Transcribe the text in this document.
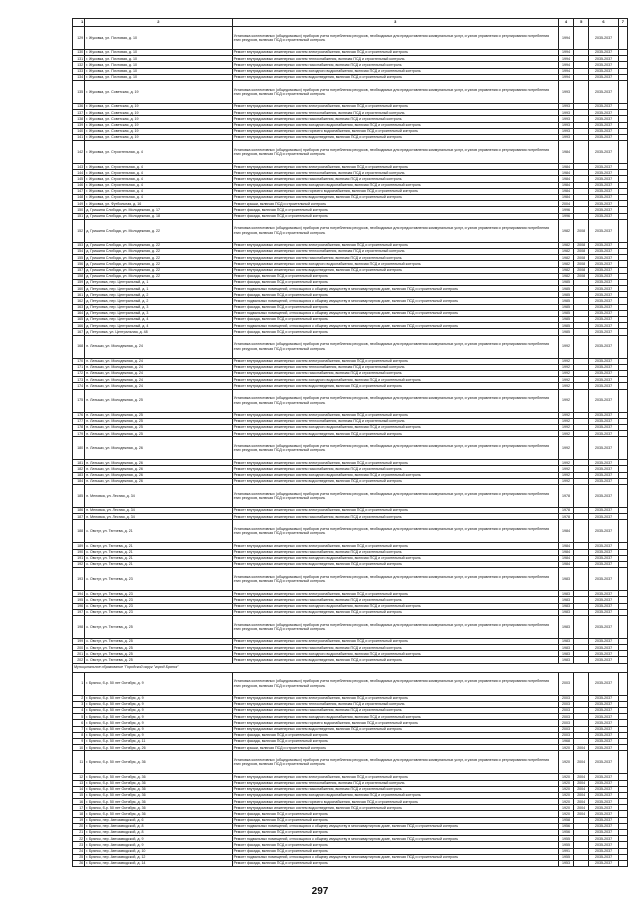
1	2	3	4	5	6	7
129	г. Жуковка, ул. Почтовая, д. 10	Установка коллективных (общедомовых) приборов учета потребления ресурсов, необходимых для предоставления коммунальных услуг, и узлов управления и регулирования потребления этих ресурсов, включая ПСД и строительный контроль	1994		2035-2037	
130	г. Жуковка, ул. Почтовая, д. 10	Ремонт внутридомовых инженерных систем электроснабжения, включая ПСД и строительный контроль	1994		2035-2037	
131	г. Жуковка, ул. Почтовая, д. 10	Ремонт внутридомовых инженерных систем теплоснабжения, включая ПСД и строительный контроль	1994		2035-2037	
132	г. Жуковка, ул. Почтовая, д. 10	Ремонт внутридомовых инженерных систем газоснабжения, включая ПСД и строительный контроль	1994		2035-2037	
133	г. Жуковка, ул. Почтовая, д. 10	Ремонт внутридомовых инженерных систем холодного водоснабжения, включая ПСД и строительный контроль	1994		2035-2037	
134	г. Жуковка, ул. Почтовая, д. 10	Ремонт внутридомовых инженерных систем водоотведения, включая ПСД и строительный контроль	1994		2035-2037	
135	г. Жуковка, ул. Советская, д. 19	Установка коллективных (общедомовых) приборов учета потребления ресурсов, необходимых для предоставления коммунальных услуг, и узлов управления и регулирования потребления этих ресурсов, включая ПСД и строительный контроль	1993		2035-2037	
136	г. Жуковка, ул. Советская, д. 19	Ремонт внутридомовых инженерных систем электроснабжения, включая ПСД и строительный контроль	1993		2035-2037	
137	г. Жуковка, ул. Советская, д. 19	Ремонт внутридомовых инженерных систем теплоснабжения, включая ПСД и строительный контроль	1993		2035-2037	
138	г. Жуковка, ул. Советская, д. 19	Ремонт внутридомовых инженерных систем газоснабжения, включая ПСД и строительный контроль	1993		2035-2037	
139	г. Жуковка, ул. Советская, д. 19	Ремонт внутридомовых инженерных систем холодного водоснабжения, включая ПСД и строительный контроль	1993		2035-2037	
140	г. Жуковка, ул. Советская, д. 19	Ремонт внутридомовых инженерных систем горячего водоснабжения, включая ПСД и строительный контроль	1993		2035-2037	
141	г. Жуковка, ул. Советская, д. 19	Ремонт внутридомовых инженерных систем водоотведения, включая ПСД и строительный контроль	1993		2035-2037	
142	г. Жуковка, ул. Строительная, д. 4	Установка коллективных (общедомовых) приборов учета потребления ресурсов, необходимых для предоставления коммунальных услуг, и узлов управления и регулирования потребления этих ресурсов, включая ПСД и строительный контроль	1984		2035-2037	
143	г. Жуковка, ул. Строительная, д. 4	Ремонт внутридомовых инженерных систем электроснабжения, включая ПСД и строительный контроль	1984		2035-2037	
144	г. Жуковка, ул. Строительная, д. 4	Ремонт внутридомовых инженерных систем теплоснабжения, включая ПСД и строительный контроль	1984		2035-2037	
145	г. Жуковка, ул. Строительная, д. 4	Ремонт внутридомовых инженерных систем газоснабжения, включая ПСД и строительный контроль	1984		2035-2037	
146	г. Жуковка, ул. Строительная, д. 4	Ремонт внутридомовых инженерных систем холодного водоснабжения, включая ПСД и строительный контроль	1984		2035-2037	
147	г. Жуковка, ул. Строительная, д. 4	Ремонт внутридомовых инженерных систем горячего водоснабжения, включая ПСД и строительный контроль	1984		2035-2037	
148	г. Жуковка, ул. Строительная, д. 4	Ремонт внутридомовых инженерных систем водоотведения, включая ПСД и строительный контроль	1984		2035-2037	
149	г. Жуковка, ул. Футбольная, д. 16	Ремонт крыши, включая ПСД и строительный контроль	2004		2035-2037	
150	д. Гришина Слобода, ул. Молодежная, д. 17	Ремонт фасада, включая ПСД и строительный контроль	1996		2035-2037	
151	д. Гришина Слобода, ул. Молодежная, д. 18	Ремонт фасада, включая ПСД и строительный контроль	1996		2035-2037	
152	д. Гришина Слобода, ул. Молодежная, д. 22	Установка коллективных (общедомовых) приборов учета потребления ресурсов, необходимых для предоставления коммунальных услуг, и узлов управления и регулирования потребления этих ресурсов, включая ПСД и строительный контроль	1982	2008	2035-2037	
153	д. Гришина Слобода, ул. Молодежная, д. 22	Ремонт внутридомовых инженерных систем электроснабжения, включая ПСД и строительный контроль	1982	2008	2035-2037	
154	д. Гришина Слобода, ул. Молодежная, д. 22	Ремонт внутридомовых инженерных систем теплоснабжения, включая ПСД и строительный контроль	1982	2008	2035-2037	
155	д. Гришина Слобода, ул. Молодежная, д. 22	Ремонт внутридомовых инженерных систем газоснабжения, включая ПСД и строительный контроль	1982	2008	2035-2037	
156	д. Гришина Слобода, ул. Молодежная, д. 22	Ремонт внутридомовых инженерных систем холодного водоснабжения, включая ПСД и строительный контроль	1982	2008	2035-2037	
157	д. Гришина Слобода, ул. Молодежная, д. 22	Ремонт внутридомовых инженерных систем водоотведения, включая ПСД и строительный контроль	1982	2008	2035-2037	
158	д. Гришина Слобода, ул. Молодежная, д. 22	Ремонт фасада, включая ПСД и строительный контроль	1982	2008	2035-2037	
159	д. Петуховка, пер. Центральный, д. 1	Ремонт фасада, включая ПСД и строительный контроль	1985		2035-2037	
160	д. Петуховка, пер. Центральный, д. 1	Ремонт подвальных помещений, относящихся к общему имуществу в многоквартирном доме, включая ПСД и строительный контроль	1985		2035-2037	
161	д. Петуховка, пер. Центральный, д. 2	Ремонт фасада, включая ПСД и строительный контроль	1985		2035-2037	
162	д. Петуховка, пер. Центральный, д. 2	Ремонт подвальных помещений, относящихся к общему имуществу в многоквартирном доме, включая ПСД и строительный контроль	1985		2035-2037	
163	д. Петуховка, пер. Центральный, д. 3	Ремонт фасада, включая ПСД и строительный контроль	1985		2035-2037	
164	д. Петуховка, пер. Центральный, д. 3	Ремонт подвальных помещений, относящихся к общему имуществу в многоквартирном доме, включая ПСД и строительный контроль	1985		2035-2037	
165	д. Петуховка, пер. Центральный, д. 4	Ремонт фасада, включая ПСД и строительный контроль	1985		2035-2037	
166	д. Петуховка, пер. Центральный, д. 4	Ремонт подвальных помещений, относящихся к общему имуществу в многоквартирном доме, включая ПСД и строительный контроль	1985		2035-2037	
167	д. Петуховка, ул. Центральная, д. 48	Ремонт фасада, включая ПСД и строительный контроль	1985		2035-2037	
168	п. Латыши, ул. Молодежная, д. 24	Установка коллективных (общедомовых) приборов учета потребления ресурсов, необходимых для предоставления коммунальных услуг, и узлов управления и регулирования потребления этих ресурсов, включая ПСД и строительный контроль	1992		2035-2037	
170	п. Латыши, ул. Молодежная, д. 24	Ремонт внутридомовых инженерных систем электроснабжения, включая ПСД и строительный контроль	1992		2035-2037	
171	п. Латыши, ул. Молодежная, д. 24	Ремонт внутридомовых инженерных систем теплоснабжения, включая ПСД и строительный контроль	1992		2035-2037	
172	п. Латыши, ул. Молодежная, д. 24	Ремонт внутридомовых инженерных систем газоснабжения, включая ПСД и строительный контроль	1992		2035-2037	
173	п. Латыши, ул. Молодежная, д. 24	Ремонт внутридомовых инженерных систем холодного водоснабжения, включая ПСД и строительный контроль	1992		2035-2037	
174	п. Латыши, ул. Молодежная, д. 24	Ремонт внутридомовых инженерных систем водоотведения, включая ПСД и строительный контроль	1992		2035-2037	
175	п. Латыши, ул. Молодежная, д. 25	Установка коллективных (общедомовых) приборов учета потребления ресурсов, необходимых для предоставления коммунальных услуг, и узлов управления и регулирования потребления этих ресурсов, включая ПСД и строительный контроль	1992		2035-2037	
176	п. Латыши, ул. Молодежная, д. 25	Ремонт внутридомовых инженерных систем электроснабжения, включая ПСД и строительный контроль	1992		2035-2037	
177	п. Латыши, ул. Молодежная, д. 25	Ремонт внутридомовых инженерных систем теплоснабжения, включая ПСД и строительный контроль	1992		2035-2037	
178	п. Латыши, ул. Молодежная, д. 25	Ремонт внутридомовых инженерных систем холодного водоснабжения, включая ПСД и строительный контроль	1992		2035-2037	
179	п. Латыши, ул. Молодежная, д. 25	Ремонт внутридомовых инженерных систем водоотведения, включая ПСД и строительный контроль	1992		2035-2037	
180	п. Латыши, ул. Молодежная, д. 26	Установка коллективных (общедомовых) приборов учета потребления ресурсов, необходимых для предоставления коммунальных услуг, и узлов управления и регулирования потребления этих ресурсов, включая ПСД и строительный контроль	1992		2035-2037	
181	п. Латыши, ул. Молодежная, д. 26	Ремонт внутридомовых инженерных систем электроснабжения, включая ПСД и строительный контроль	1992		2035-2037	
182	п. Латыши, ул. Молодежная, д. 26	Ремонт внутридомовых инженерных систем газоснабжения, включая ПСД и строительный контроль	1992		2035-2037	
183	п. Латыши, ул. Молодежная, д. 26	Ремонт внутридомовых инженерных систем холодного водоснабжения, включая ПСД и строительный контроль	1992		2035-2037	
184	п. Латыши, ул. Молодежная, д. 26	Ремонт внутридомовых инженерных систем водоотведения, включая ПСД и строительный контроль	1992		2035-2037	
185	п. Меловка, ул. Лесная, д. 34	Установка коллективных (общедомовых) приборов учета потребления ресурсов, необходимых для предоставления коммунальных услуг, и узлов управления и регулирования потребления этих ресурсов, включая ПСД и строительный контроль	1978		2035-2037	
186	п. Меловка, ул. Лесная, д. 34	Ремонт внутридомовых инженерных систем электроснабжения, включая ПСД и строительный контроль	1978		2035-2037	
187	п. Меловка, ул. Лесная, д. 34	Ремонт внутридомовых инженерных систем газоснабжения, включая ПСД и строительный контроль	1978		2035-2037	
188	с. Овстуг, ул. Тютчева, д. 21	Установка коллективных (общедомовых) приборов учета потребления ресурсов, необходимых для предоставления коммунальных услуг, и узлов управления и регулирования потребления этих ресурсов, включая ПСД и строительный контроль	1984		2035-2037	
189	с. Овстуг, ул. Тютчева, д. 21	Ремонт внутридомовых инженерных систем электроснабжения, включая ПСД и строительный контроль	1984		2035-2037	
190	с. Овстуг, ул. Тютчева, д. 21	Ремонт внутридомовых инженерных систем газоснабжения, включая ПСД и строительный контроль	1984		2035-2037	
191	с. Овстуг, ул. Тютчева, д. 21	Ремонт внутридомовых инженерных систем холодного водоснабжения, включая ПСД и строительный контроль	1984		2035-2037	
192	с. Овстуг, ул. Тютчева, д. 21	Ремонт внутридомовых инженерных систем водоотведения, включая ПСД и строительный контроль	1984		2035-2037	
193	с. Овстуг, ул. Тютчева, д. 23	Установка коллективных (общедомовых) приборов учета потребления ресурсов, необходимых для предоставления коммунальных услуг, и узлов управления и регулирования потребления этих ресурсов, включая ПСД и строительный контроль	1983		2035-2037	
194	с. Овстуг, ул. Тютчева, д. 23	Ремонт внутридомовых инженерных систем электроснабжения, включая ПСД и строительный контроль	1983		2035-2037	
195	с. Овстуг, ул. Тютчева, д. 23	Ремонт внутридомовых инженерных систем газоснабжения, включая ПСД и строительный контроль	1983		2035-2037	
196	с. Овстуг, ул. Тютчева, д. 23	Ремонт внутридомовых инженерных систем холодного водоснабжения, включая ПСД и строительный контроль	1983		2035-2037	
197	с. Овстуг, ул. Тютчева, д. 23	Ремонт внутридомовых инженерных систем водоотведения, включая ПСД и строительный контроль	1983		2035-2037	
198	с. Овстуг, ул. Тютчева, д. 25	Установка коллективных (общедомовых) приборов учета потребления ресурсов, необходимых для предоставления коммунальных услуг, и узлов управления и регулирования потребления этих ресурсов, включая ПСД и строительный контроль	1983		2035-2037	
199	с. Овстуг, ул. Тютчева, д. 25	Ремонт внутридомовых инженерных систем электроснабжения, включая ПСД и строительный контроль	1983		2035-2037	
200	с. Овстуг, ул. Тютчева, д. 25	Ремонт внутридомовых инженерных систем газоснабжения, включая ПСД и строительный контроль	1983		2035-2037	
201	с. Овстуг, ул. Тютчева, д. 25	Ремонт внутридомовых инженерных систем холодного водоснабжения, включая ПСД и строительный контроль	1983		2035-2037	
202	с. Овстуг, ул. Тютчева, д. 25	Ремонт внутридомовых инженерных систем водоотведения, включая ПСД и строительный контроль	1983		2035-2037	
Муниципальное образование "Городской округ "город Брянск"						
1	г. Брянск, б-р. 50 лет Октября, д. 9	Установка коллективных (общедомовых) приборов учета потребления ресурсов, необходимых для предоставления коммунальных услуг, и узлов управления и регулирования потребления этих ресурсов, включая ПСД и строительный контроль	2003		2035-2037	
2	г. Брянск, б-р. 50 лет Октября, д. 9	Ремонт внутридомовых инженерных систем электроснабжения, включая ПСД и строительный контроль	2003		2035-2037	
3	г. Брянск, б-р. 50 лет Октября, д. 9	Ремонт внутридомовых инженерных систем теплоснабжения, включая ПСД и строительный контроль	2003		2035-2037	
4	г. Брянск, б-р. 50 лет Октября, д. 9	Ремонт внутридомовых инженерных систем газоснабжения, включая ПСД и строительный контроль	2003		2035-2037	
5	г. Брянск, б-р. 50 лет Октября, д. 9	Ремонт внутридомовых инженерных систем холодного водоснабжения, включая ПСД и строительный контроль	2003		2035-2037	
6	г. Брянск, б-р. 50 лет Октября, д. 9	Ремонт внутридомовых инженерных систем горячего водоснабжения, включая ПСД и строительный контроль	2003		2035-2037	
7	г. Брянск, б-р. 50 лет Октября, д. 9	Ремонт внутридомовых инженерных систем водоотведения, включая ПСД и строительный контроль	2003		2035-2037	
8	г. Брянск, б-р. 50 лет Октября, д. 9	Ремонт фасада, включая ПСД и строительный контроль	2003		2035-2037	
9	г. Брянск, б-р. 50 лет Октября, д. 11	Ремонт фасада, включая ПСД и строительный контроль	1968		2035-2037	
10	г. Брянск, б-р. 50 лет Октября, д. 26	Ремонт крыши, включая ПСД и строительный контроль	1920	2004	2035-2037	
11	г. Брянск, б-р. 50 лет Октября, д. 36	Установка коллективных (общедомовых) приборов учета потребления ресурсов, необходимых для предоставления коммунальных услуг, и узлов управления и регулирования потребления этих ресурсов, включая ПСД и строительный контроль	1920	2004	2035-2037	
12	г. Брянск, б-р. 50 лет Октября, д. 36	Ремонт внутридомовых инженерных систем электроснабжения, включая ПСД и строительный контроль	1920	2004	2035-2037	
13	г. Брянск, б-р. 50 лет Октября, д. 36	Ремонт внутридомовых инженерных систем теплоснабжения, включая ПСД и строительный контроль	1920	2004	2035-2037	
14	г. Брянск, б-р. 50 лет Октября, д. 36	Ремонт внутридомовых инженерных систем газоснабжения, включая ПСД и строительный контроль	1920	2004	2035-2037	
15	г. Брянск, б-р. 50 лет Октября, д. 36	Ремонт внутридомовых инженерных систем холодного водоснабжения, включая ПСД и строительный контроль	1920	2004	2035-2037	
16	г. Брянск, б-р. 50 лет Октября, д. 36	Ремонт внутридомовых инженерных систем горячего водоснабжения, включая ПСД и строительный контроль	1920	2004	2035-2037	
17	г. Брянск, б-р. 50 лет Октября, д. 36	Ремонт внутридомовых инженерных систем водоотведения, включая ПСД и строительный контроль	1920	2004	2035-2037	
18	г. Брянск, б-р. 50 лет Октября, д. 36	Ремонт фасада, включая ПСД и строительный контроль	1920	2004	2035-2037	
19	г. Брянск, пер. Автозаводской, д. 6	Ремонт фасада, включая ПСД и строительный контроль	1958		2035-2037	
20	г. Брянск, пер. Автозаводской, д. 8	Ремонт подвальных помещений, относящихся к общему имуществу в многоквартирном доме, включая ПСД и строительный контроль	1956		2035-2037	
21	г. Брянск, пер. Автозаводской, д. 8	Ремонт фасада, включая ПСД и строительный контроль	1956		2035-2037	
22	г. Брянск, пер. Автозаводской, д. 9	Ремонт подвальных помещений, относящихся к общему имуществу в многоквартирном доме, включая ПСД и строительный контроль	1955		2035-2037	
23	г. Брянск, пер. Автозаводской, д. 9	Ремонт фасада, включая ПСД и строительный контроль	1955		2035-2037	
24	г. Брянск, пер. Автозаводской, д. 10	Ремонт фасада, включая ПСД и строительный контроль	1991		2035-2037	
25	г. Брянск, пер. Автозаводской, д. 12	Ремонт подвальных помещений, относящихся к общему имуществу в многоквартирном доме, включая ПСД и строительный контроль	1955		2035-2037	
26	г. Брянск, пер. Автозаводской, д. 14	Ремонт фасада, включая ПСД и строительный контроль	1953		2035-2037	
297
